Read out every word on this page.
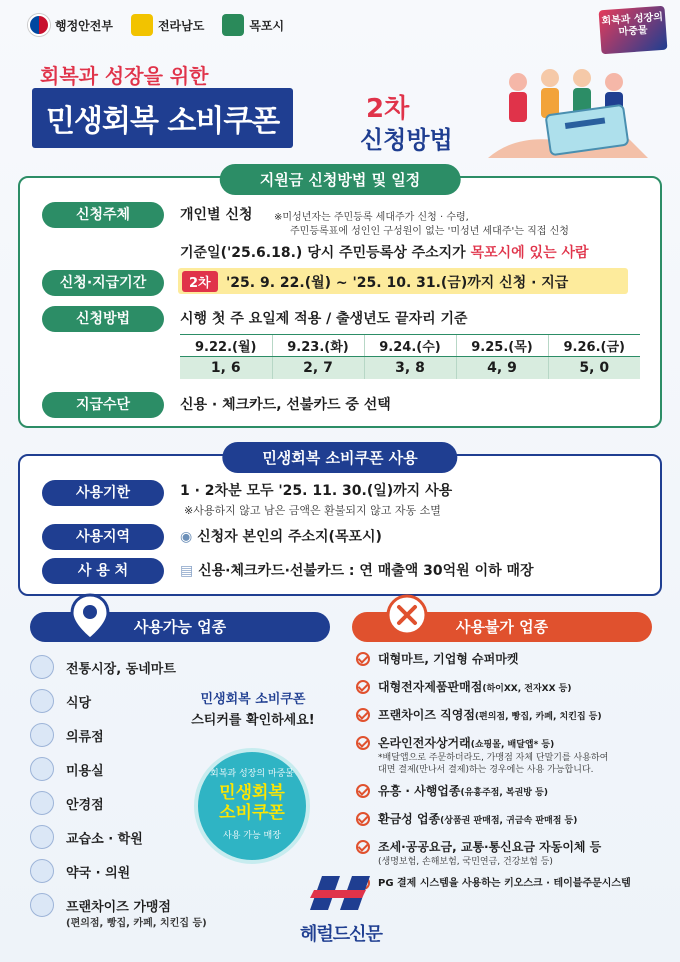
행정안전부	전라남도	목포시	회복과 성장의 마중물
회복과 성장을 위한
민생회복 소비쿠폰	2차
신청방법
지원금 신청방법 및 일정
신청주체	개인별 신청 ※미성년자는 주민등록 세대주가 신청 · 수령,
주민등록표에 성인인 구성원이 없는 '미성년 세대주'는 직접 신청
기준일('25.6.18.) 당시 주민등록상 주소지가 목포시에 있는 사람
신청·지급기간	2차	'25. 9. 22.(월) ~ '25. 10. 31.(금)까지 신청 · 지급
신청방법	시행 첫 주 요일제 적용 / 출생년도 끝자리 기준
9.22.(월)	9.23.(화)	9.24.(수)	9.25.(목)	9.26.(금)
1, 6	2, 7	3, 8	4, 9	5, 0
지급수단	신용 · 체크카드, 선불카드 중 선택
민생회복 소비쿠폰 사용
사용기한	1 · 2차분 모두 '25. 11. 30.(일)까지 사용
※사용하지 않고 남은 금액은 환불되지 않고 자동 소멸
사용지역	◉ 신청자 본인의 주소지(목포시)
사 용 처	▤ 신용·체크카드·선불카드 : 연 매출액 30억원 이하 매장
사용가능 업종	사용불가 업종
전통시장, 동네마트
식당
의류점
미용실
안경점
교습소 · 학원
약국 · 의원
프랜차이즈 가맹점
(편의점, 빵집, 카페, 치킨집 등)
민생회복 소비쿠폰
스티커를 확인하세요!
회복과 성장의 마중물
민생회복
소비쿠폰
사용 가능 매장
대형마트, 기업형 슈퍼마켓
대형전자제품판매점(하이XX, 전자XX 등)
프랜차이즈 직영점(편의점, 빵집, 카페, 치킨집 등)
온라인전자상거래(쇼핑몰, 배달앱* 등)
*배달앱으로 주문하더라도, 가맹점 자체 단말기를 사용하여
대면 결제(만나서 결제)하는 경우에는 사용 가능합니다.
유흥 · 사행업종(유흥주점, 복권방 등)
환금성 업종(상품권 판매점, 귀금속 판매점 등)
조세·공공요금, 교통·통신요금 자동이체 등
(생명보험, 손해보험, 국민연금, 건강보험 등)
PG 결제 시스템을 사용하는 키오스크 · 테이블주문시스템
헤럴드신문
